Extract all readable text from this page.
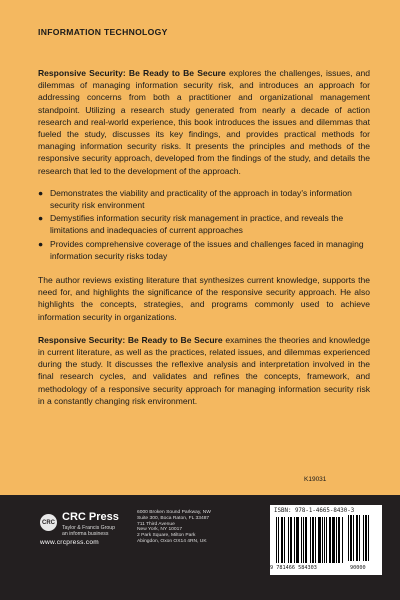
INFORMATION TECHNOLOGY

Responsive Security: Be Ready to Be Secure explores the challenges, issues, and dilemmas of managing information security risk, and introduces an approach for addressing concerns from both a practitioner and organizational management standpoint. Utilizing a research study generated from nearly a decade of action research and real-world experience, this book introduces the issues and dilemmas that fueled the study, discusses its key findings, and provides practical methods for managing information security risks. It presents the principles and methods of the responsive security approach, developed from the findings of the study, and details the research that led to the development of the approach.

● Demonstrates the viability and practicality of the approach in today's information security risk environment
● Demystifies information security risk management in practice, and reveals the limitations and inadequacies of current approaches
● Provides comprehensive coverage of the issues and challenges faced in managing information security risks today

The author reviews existing literature that synthesizes current knowledge, supports the need for, and highlights the significance of the responsive security approach. He also highlights the concepts, strategies, and programs commonly used to achieve information security in organizations.

Responsive Security: Be Ready to Be Secure examines the theories and knowledge in current literature, as well as the practices, related issues, and dilemmas experienced during the study. It discusses the reflexive analysis and interpretation involved in the final research cycles, and validates and refines the concepts, framework, and methodology of a responsive security approach for managing information security risk in a constantly changing risk environment.

K19031
CRC CRC Press
Taylor & Francis Group
an informa business
www.crcpress.com
6000 Broken Sound Parkway, NW
Suite 300, Boca Raton, FL 33487
711 Third Avenue
New York, NY 10017
2 Park Square, Milton Park
Abingdon, Oxon OX14 4RN, UK
ISBN: 978-1-4665-8430-3
9 781466 584303	90000
